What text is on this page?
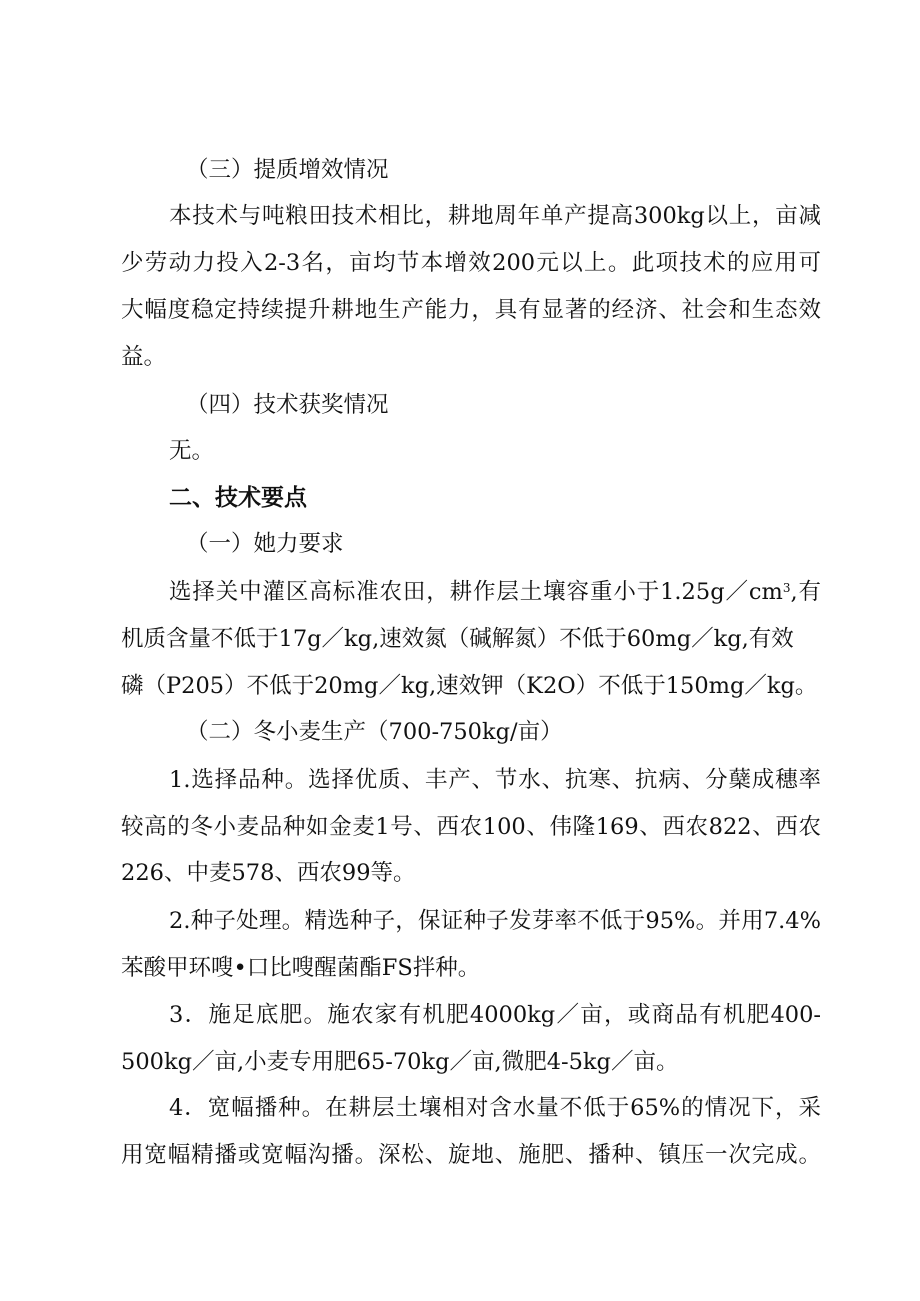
（三）提质增效情况
本技术与吨粮田技术相比，耕地周年单产提高300kg以上，亩减
少劳动力投入2-3名，亩均节本增效200元以上。此项技术的应用可
大幅度稳定持续提升耕地生产能力，具有显著的经济、社会和生态效
益。
（四）技术获奖情况
无。
二、技术要点
（一）她力要求
选择关中灌区高标准农田，耕作层土壤容重小于$1.25g/cm^3$,有
机质含量不低于17g／kg,速效氮（碱解氮）不低于60mg／kg,有效
磷（P205）不低于20mg／kg,速效钾（K2O）不低于150mg／kg。
（二）冬小麦生产（700-750kg/亩）
1.选择品种。选择优质、丰产、节水、抗寒、抗病、分蘖成穗率
较高的冬小麦品种如金麦1号、西农100、伟隆169、西农822、西农
226、中麦578、西农99等。
2.种子处理。精选种子，保证种子发芽率不低于95%。并用7.4%
苯酸甲环嗖•口比嗖醒菌酯FS拌种。
3．施足底肥。施农家有机肥4000kg／亩，或商品有机肥400-
500kg／亩,小麦专用肥65-70kg／亩,微肥4-5kg／亩。
4．宽幅播种。在耕层土壤相对含水量不低于65%的情况下，采
用宽幅精播或宽幅沟播。深松、旋地、施肥、播种、镇压一次完成。
